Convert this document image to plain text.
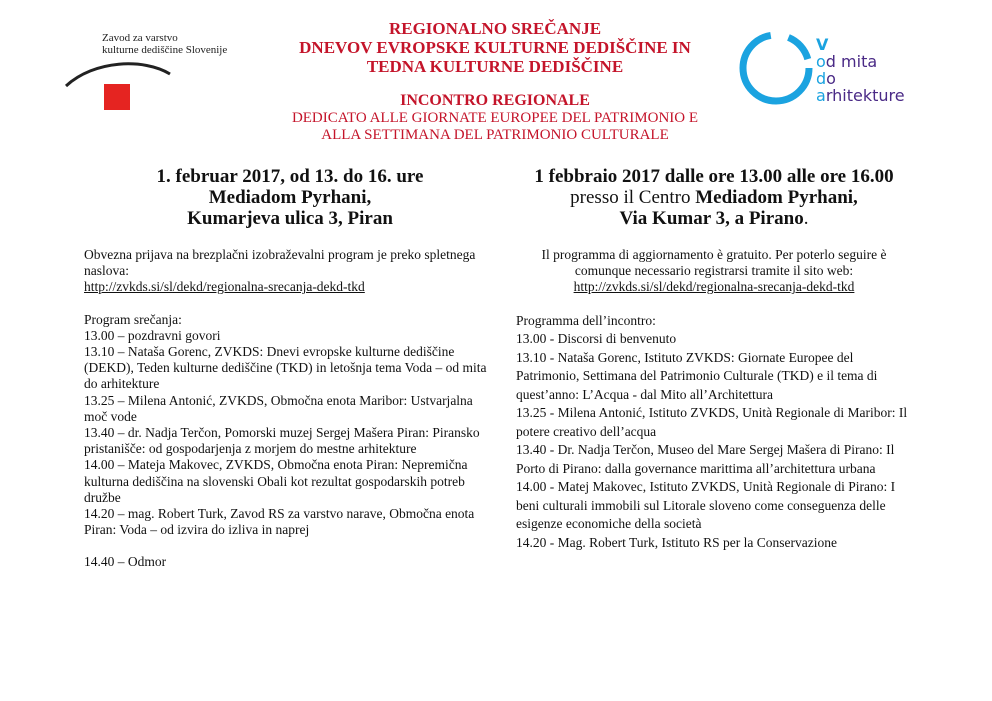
Zavod za varstvo
kulturne dediščine Slovenije
REGIONALNO SREČANJE
DNEVOV EVROPSKE KULTURNE DEDIŠČINE IN
TEDNA KULTURNE DEDIŠČINE
INCONTRO REGIONALE
DEDICATO ALLE GIORNATE EUROPEE DEL PATRIMONIO E
ALLA SETTIMANA DEL PATRIMONIO CULTURALE
V
od mita
do
arhitekture
1. februar 2017, od 13. do 16. ure
Mediadom Pyrhani,
Kumarjeva ulica 3, Piran
Obvezna prijava na brezplačni izobraževalni program je preko spletnega naslova:
http://zvkds.si/sl/dekd/regionalna-srecanja-dekd-tkd
Program srečanja:
13.00 – pozdravni govori
13.10 – Nataša Gorenc, ZVKDS: Dnevi evropske kulturne dediščine (DEKD), Teden kulturne dediščine (TKD) in letošnja tema Voda – od mita do arhitekture
13.25 – Milena Antonić, ZVKDS, Območna enota Maribor: Ustvarjalna moč vode
13.40 – dr. Nadja Terčon, Pomorski muzej Sergej Mašera Piran: Piransko pristanišče: od gospodarjenja z morjem do mestne arhitekture
14.00 – Mateja Makovec, ZVKDS, Območna enota Piran: Nepremična kulturna dediščina na slovenski Obali kot rezultat gospodarskih potreb družbe
14.20 – mag. Robert Turk, Zavod RS za varstvo narave, Območna enota Piran: Voda – od izvira do izliva in naprej
14.40 – Odmor
1 febbraio 2017 dalle ore 13.00 alle ore 16.00
presso il Centro Mediadom Pyrhani,
Via Kumar 3, a Pirano.
Il programma di aggiornamento è gratuito. Per poterlo seguire è comunque necessario registrarsi tramite il sito web:
http://zvkds.si/sl/dekd/regionalna-srecanja-dekd-tkd
Programma dell’incontro:
13.00 - Discorsi di benvenuto
13.10 - Nataša Gorenc, Istituto ZVKDS: Giornate Europee del Patrimonio, Settimana del Patrimonio Culturale (TKD) e il tema di quest’anno: L’Acqua - dal Mito all’Architettura
13.25 - Milena Antonić, Istituto ZVKDS, Unità Regionale di Maribor: Il potere creativo dell’acqua
13.40 - Dr. Nadja Terčon, Museo del Mare Sergej Mašera di Pirano: Il Porto di Pirano: dalla governance marittima all’architettura urbana
14.00 - Matej Makovec, Istituto ZVKDS, Unità Regionale di Pirano: I beni culturali immobili sul Litorale sloveno come conseguenza delle esigenze economiche della società
14.20 - Mag. Robert Turk, Istituto RS per la Conservazione
